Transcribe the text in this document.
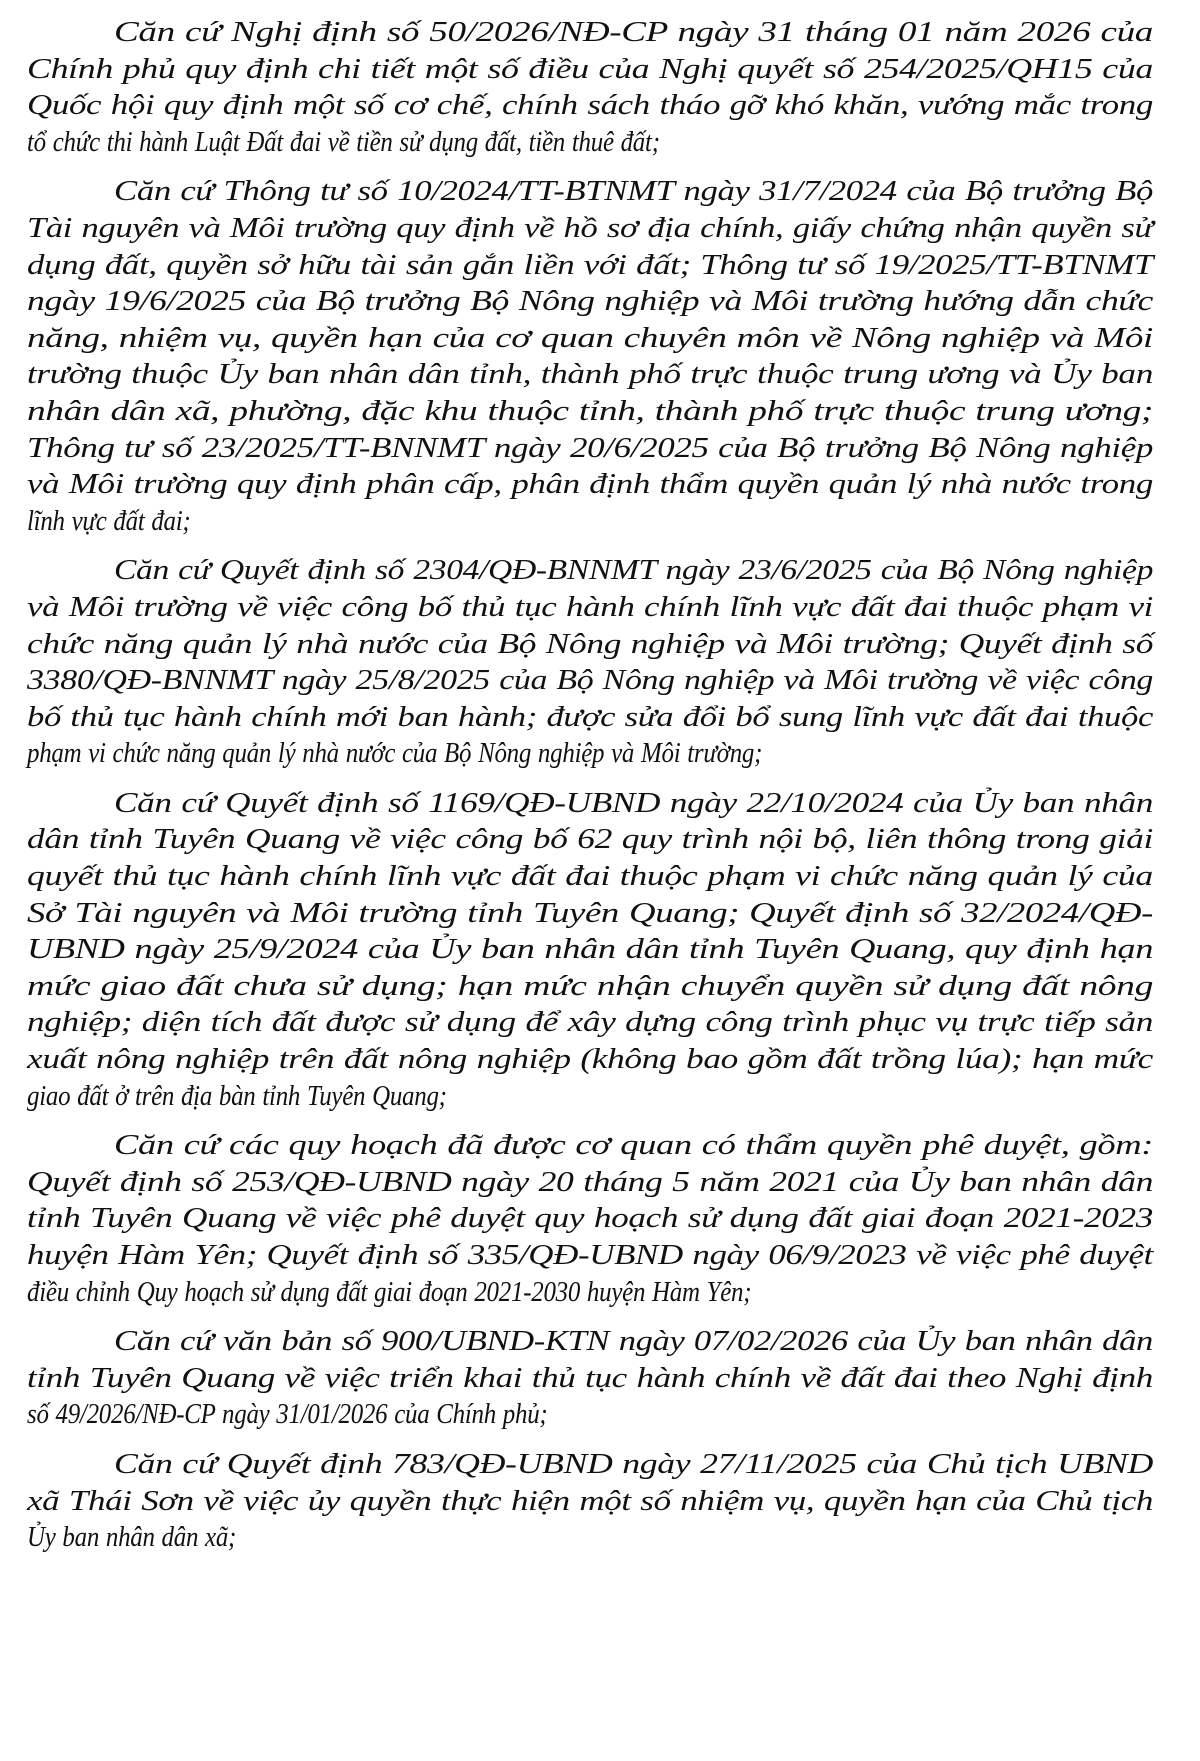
Căn cứ Nghị định số 50/2026/NĐ-CP ngày 31 tháng 01 năm 2026 của
Chính phủ quy định chi tiết một số điều của Nghị quyết số 254/2025/QH15 của
Quốc hội quy định một số cơ chế, chính sách tháo gỡ khó khăn, vướng mắc trong
tổ chức thi hành Luật Đất đai về tiền sử dụng đất, tiền thuê đất;

Căn cứ Thông tư số 10/2024/TT-BTNMT ngày 31/7/2024 của Bộ trưởng Bộ
Tài nguyên và Môi trường quy định về hồ sơ địa chính, giấy chứng nhận quyền sử
dụng đất, quyền sở hữu tài sản gắn liền với đất; Thông tư số 19/2025/TT-BTNMT
ngày 19/6/2025 của Bộ trưởng Bộ Nông nghiệp và Môi trường hướng dẫn chức
năng, nhiệm vụ, quyền hạn của cơ quan chuyên môn về Nông nghiệp và Môi
trường thuộc Ủy ban nhân dân tỉnh, thành phố trực thuộc trung ương và Ủy ban
nhân dân xã, phường, đặc khu thuộc tỉnh, thành phố trực thuộc trung ương;
Thông tư số 23/2025/TT-BNNMT ngày 20/6/2025 của Bộ trưởng Bộ Nông nghiệp
và Môi trường quy định phân cấp, phân định thẩm quyền quản lý nhà nước trong
lĩnh vực đất đai;

Căn cứ Quyết định số 2304/QĐ-BNNMT ngày 23/6/2025 của Bộ Nông nghiệp
và Môi trường về việc công bố thủ tục hành chính lĩnh vực đất đai thuộc phạm vi
chức năng quản lý nhà nước của Bộ Nông nghiệp và Môi trường; Quyết định số
3380/QĐ-BNNMT ngày 25/8/2025 của Bộ Nông nghiệp và Môi trường về việc công
bố thủ tục hành chính mới ban hành; được sửa đổi bổ sung lĩnh vực đất đai thuộc
phạm vi chức năng quản lý nhà nước của Bộ Nông nghiệp và Môi trường;

Căn cứ Quyết định số 1169/QĐ-UBND ngày 22/10/2024 của Ủy ban nhân
dân tỉnh Tuyên Quang về việc công bố 62 quy trình nội bộ, liên thông trong giải
quyết thủ tục hành chính lĩnh vực đất đai thuộc phạm vi chức năng quản lý của
Sở Tài nguyên và Môi trường tỉnh Tuyên Quang; Quyết định số 32/2024/QĐ-
UBND ngày 25/9/2024 của Ủy ban nhân dân tỉnh Tuyên Quang, quy định hạn
mức giao đất chưa sử dụng; hạn mức nhận chuyển quyền sử dụng đất nông
nghiệp; diện tích đất được sử dụng để xây dựng công trình phục vụ trực tiếp sản
xuất nông nghiệp trên đất nông nghiệp (không bao gồm đất trồng lúa); hạn mức
giao đất ở trên địa bàn tỉnh Tuyên Quang;

Căn cứ các quy hoạch đã được cơ quan có thẩm quyền phê duyệt, gồm:
Quyết định số 253/QĐ-UBND ngày 20 tháng 5 năm 2021 của Ủy ban nhân dân
tỉnh Tuyên Quang về việc phê duyệt quy hoạch sử dụng đất giai đoạn 2021-2023
huyện Hàm Yên; Quyết định số 335/QĐ-UBND ngày 06/9/2023 về việc phê duyệt
điều chỉnh Quy hoạch sử dụng đất giai đoạn 2021-2030 huyện Hàm Yên;

Căn cứ văn bản số 900/UBND-KTN ngày 07/02/2026 của Ủy ban nhân dân
tỉnh Tuyên Quang về việc triển khai thủ tục hành chính về đất đai theo Nghị định
số 49/2026/NĐ-CP ngày 31/01/2026 của Chính phủ;

Căn cứ Quyết định 783/QĐ-UBND ngày 27/11/2025 của Chủ tịch UBND
xã Thái Sơn về việc ủy quyền thực hiện một số nhiệm vụ, quyền hạn của Chủ tịch
Ủy ban nhân dân xã;
